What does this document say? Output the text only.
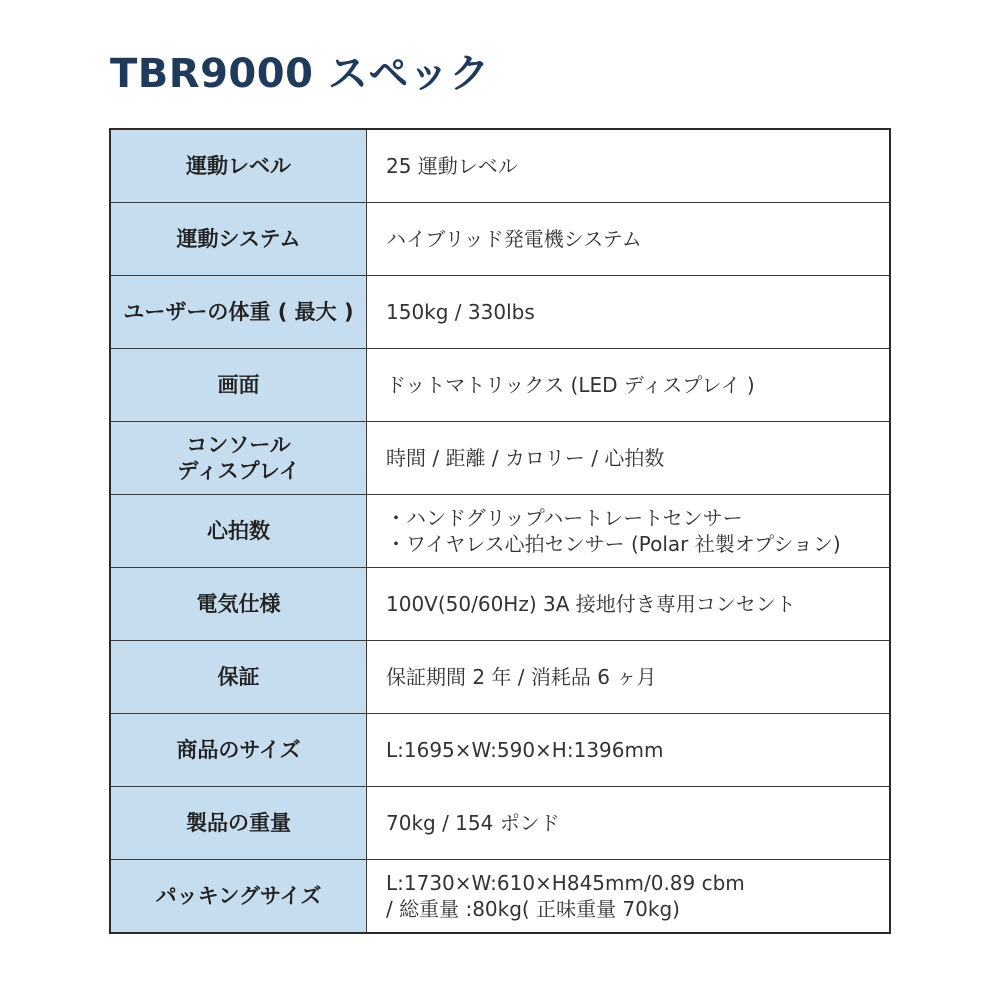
TBR9000 スペック
運動レベル	25 運動レベル

運動システム	ハイブリッド発電機システム

ユーザーの体重 ( 最大 )	150kg / 330lbs

画面	ドットマトリックス (LED ディスプレイ )

コンソール
ディスプレイ	時間 / 距離 / カロリー / 心拍数

心拍数	・ハンドグリップハートレートセンサー
・ワイヤレス心拍センサー (Polar 社製オプション)

電気仕様	100V(50/60Hz) 3A 接地付き専用コンセント

保証	保証期間 2 年 / 消耗品 6 ヶ月

商品のサイズ	L:1695×W:590×H:1396mm

製品の重量	70kg / 154 ポンド

パッキングサイズ	L:1730×W:610×H845mm/0.89 cbm
/ 総重量 :80kg( 正味重量 70kg)
